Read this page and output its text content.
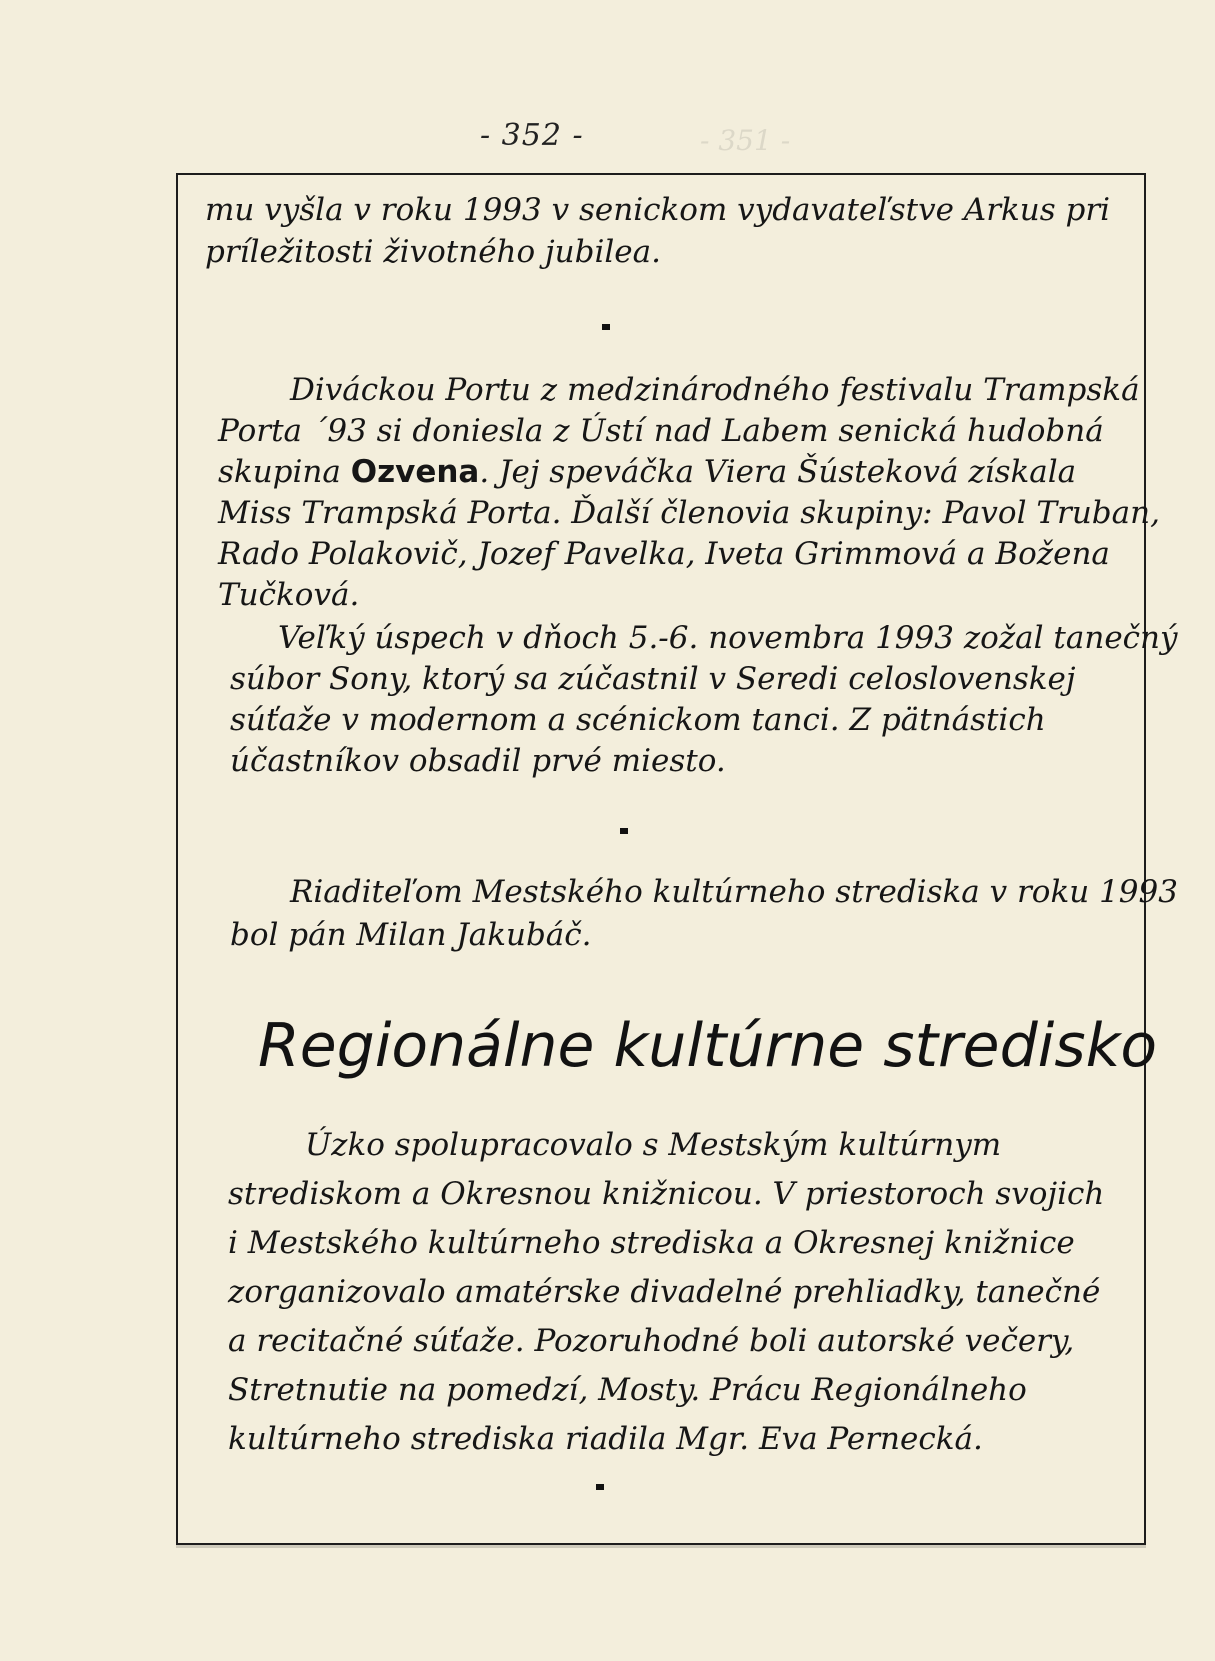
- 351 -
- 352 -
mu vyšla v roku 1993 v senickom vydavateľstve Arkus pri
príležitosti životného jubilea.
Diváckou Portu z medzinárodného festivalu Trampská
Porta ´93 si doniesla z Ústí nad Labem senická hudobná
skupina Ozvena. Jej speváčka Viera Šústeková získala
Miss Trampská Porta. Ďalší členovia skupiny: Pavol Truban,
Rado Polakovič, Jozef Pavelka, Iveta Grimmová a Božena
Tučková.
Veľký úspech v dňoch 5.-6. novembra 1993 zožal tanečný
súbor Sony, ktorý sa zúčastnil v Seredi celoslovenskej
súťaže v modernom a scénickom tanci. Z pätnástich
účastníkov obsadil prvé miesto.
Riaditeľom Mestského kultúrneho strediska v roku 1993
bol pán Milan Jakubáč.
Regionálne kultúrne stredisko
Úzko spolupracovalo s Mestským kultúrnym
strediskom a Okresnou knižnicou. V priestoroch svojich
i Mestského kultúrneho strediska a Okresnej knižnice
zorganizovalo amatérske divadelné prehliadky, tanečné
a recitačné súťaže. Pozoruhodné boli autorské večery,
Stretnutie na pomedzí, Mosty. Prácu Regionálneho
kultúrneho strediska riadila Mgr. Eva Pernecká.
